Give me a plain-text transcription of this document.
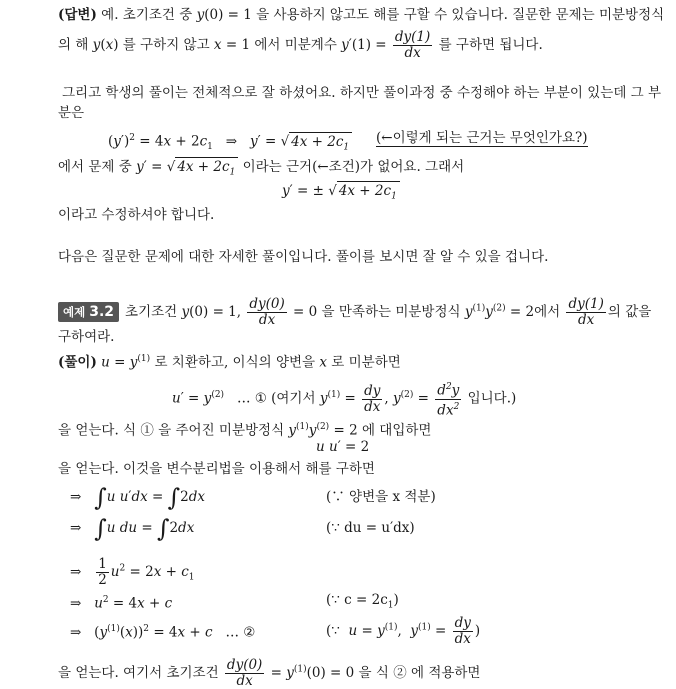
(답변) 예. 초기조건 중 y(0) = 1 을 사용하지 않고도 해를 구할 수 있습니다. 질문한 문제는 미분방정식
의 해 y(x) 를 구하지 않고 x = 1 에서 미분계수 $y'(1) = \frac{dy(1)}{dx}$ 를 구하면 됩니다.
그리고 학생의 풀이는 전체적으로 잘 하셨어요. 하지만 풀이과정 중 수정해야 하는 부분이 있는데 그 부
분은
$(y')^2 = 4x + 2c_1$   ⇒   y′ = √ $4x + 2c_1$
(←이렇게 되는 근거는 무엇인가요?)
에서 문제 중 y′ = √ $4x + 2c_1$ 이라는 근거(←조건)가 없어요. 그래서
y′ = ± √ $4x + 2c_1$
이라고 수정하셔야 합니다.
다음은 질문한 문제에 대한 자세한 풀이입니다. 풀이를 보시면 잘 알 수 있을 겁니다.
예제 3.2 초기조건 y(0) = 1, $\frac{dy(0)}{dx} = 0$ 을 만족하는 미분방정식 $y^{(1)}y^{(2)} = 2$에서 $\frac{dy(1)}{dx}$ 의 값을
구하여라.
(풀이) $u = y^{(1)}$ 로 치환하고, 이식의 양변을 x 로 미분하면
$u' = y^{(2)}$ … ① (여기서 $y^{(1)} = \frac{dy}{dx}$ , $y^{(2)} = \frac{d^2y}{dx^2}$ 입니다.)
을 얻는다. 식 ① 을 주어진 미분방정식 $y^{(1)}y^{(2)} = 2$ 에 대입하면
u u′ = 2
을 얻는다. 이것을 변수분리법을 이용해서 해를 구하면
⇒   ∫u u′dx = ∫2dx	(∵ 양변을 x 적분)
⇒   ∫u du = ∫2dx	(∵ du = u′dx)
⇒ $\frac{1}{2} u^2 = 2x + c_1$
⇒   $u^2 = 4x + c$	(∵ $c = 2c_1$)
⇒   $(y^{(1)}(x))^2 = 4x + c$   … ②	(∵  $u = y^{(1)}$,  $y^{(1)} = \frac{dy}{dx}$ )
을 얻는다. 여기서 초기조건 $\frac{dy(0)}{dx} = y^{(1)}(0) = 0$ 을 식 ② 에 적용하면
